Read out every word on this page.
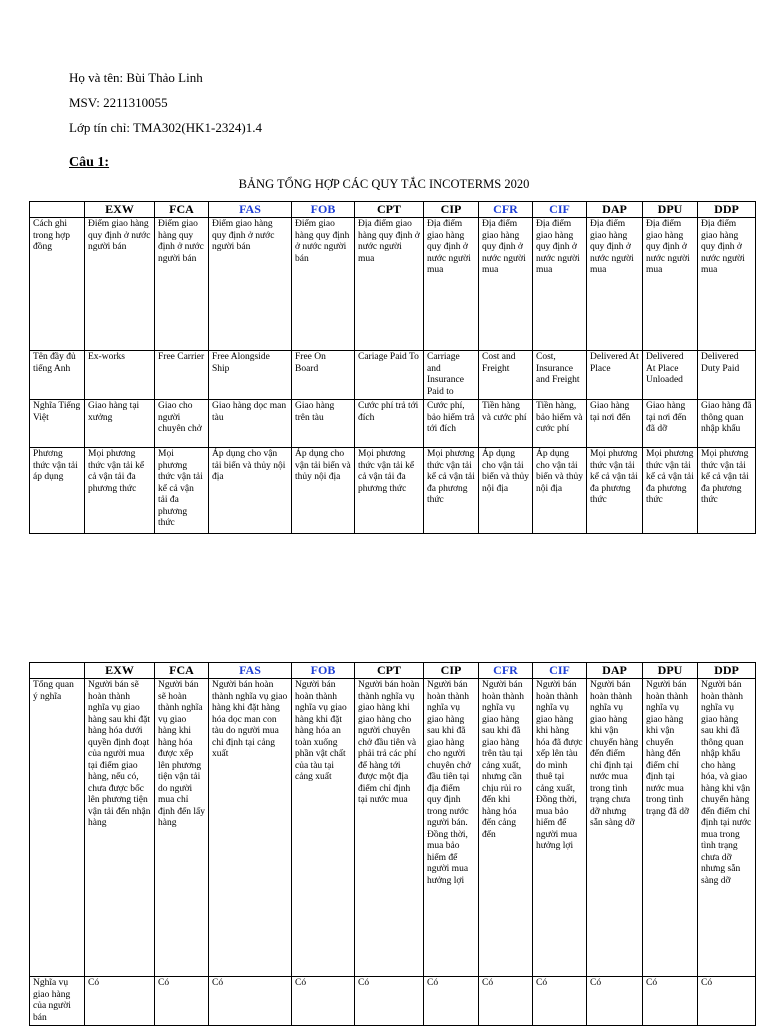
Họ và tên: Bùi Thảo Linh
MSV: 2211310055
Lớp tín chỉ: TMA302(HK1-2324)1.4
Câu 1:
BẢNG TỔNG HỢP CÁC QUY TẮC INCOTERMS 2020
	EXW	FCA	FAS	FOB	CPT	CIP	CFR	CIF	DAP	DPU	DDP
Cách ghi trong hợp đồng	Điểm giao hàng quy định ở nước người bán	Điểm giao hàng quy định ở nước người bán	Điểm giao hàng quy định ở nước người bán	Điểm giao hàng quy định ở nước người bán	Địa điểm giao hàng quy định ở nước người mua	Địa điểm giao hàng quy định ở nước người mua	Địa điểm giao hàng quy định ở nước người mua	Địa điểm giao hàng quy định ở nước người mua	Địa điểm giao hàng quy định ở nước người mua	Địa điểm giao hàng quy định ở nước người mua	Địa điểm giao hàng quy định ở nước người mua
Tên đầy đủ tiếng Anh	Ex-works	Free Carrier	Free Alongside Ship	Free On Board	Cariage Paid To	Carriage and Insurance Paid to	Cost and Freight	Cost, Insurance and Freight	Delivered At Place	Delivered At Place Unloaded	Delivered Duty Paid
Nghĩa Tiếng Việt	Giao hàng tại xưởng	Giao cho người chuyên chở	Giao hàng dọc man tàu	Giao hàng trên tàu	Cước phí trả tới đích	Cước phí, bảo hiểm trả tới đích	Tiền hàng và cước phí	Tiền hàng, bảo hiểm và cước phí	Giao hàng tại nơi đến	Giao hàng tại nơi đến đã dỡ	Giao hàng đã thông quan nhập khẩu
Phương thức vận tải áp dụng	Mọi phương thức vận tải kể cả vận tải đa phương thức	Mọi phương thức vận tải kể cả vận tải đa phương thức	Áp dụng cho vận tải biển và thủy nội địa	Áp dụng cho vận tải biển và thủy nội địa	Mọi phương thức vận tải kể cả vận tải đa phương thức	Mọi phương thức vận tải kể cả vận tải đa phương thức	Áp dụng cho vận tải biển và thủy nội địa	Áp dụng cho vận tải biển và thủy nội địa	Mọi phương thức vận tải kể cả vận tải đa phương thức	Mọi phương thức vận tải kể cả vận tải đa phương thức	Mọi phương thức vận tải kể cả vận tải đa phương thức
	EXW	FCA	FAS	FOB	CPT	CIP	CFR	CIF	DAP	DPU	DDP
Tổng quan ý nghĩa	Người bán sẽ hoàn thành nghĩa vụ giao hàng sau khi đặt hàng hóa dưới quyền định đoạt của người mua tại điểm giao hàng, nếu có, chưa được bốc lên phương tiện vận tải đến nhận hàng	Người bán sẽ hoàn thành nghĩa vụ giao hàng khi hàng hóa được xếp lên phương tiện vận tải do người mua chỉ định đến lấy hàng	Người bán hoàn thành nghĩa vụ giao hàng khi đặt hàng hóa dọc man con tàu do người mua chỉ định tại cảng xuất	Người bán hoàn thành nghĩa vụ giao hàng khi đặt hàng hóa an toàn xuống phần vật chất của tàu tại cảng xuất	Người bán hoàn thành nghĩa vụ giao hàng khi giao hàng cho người chuyên chở đầu tiên và phải trả các phí để hàng tới được một địa điểm chỉ định tại nước mua	Người bán hoàn thành nghĩa vụ giao hàng sau khi đã giao hàng cho người chuyên chở đầu tiên tại địa điểm quy định trong nước người bán. Đồng thời, mua bảo hiểm để người mua hưởng lợi	Người bán hoàn thành nghĩa vụ giao hàng sau khi đã giao hàng trên tàu tại cảng xuất, nhưng cần chịu rủi ro đến khi hàng hóa đến cảng đến	Người bán hoàn thành nghĩa vụ giao hàng khi hàng hóa đã được xếp lên tàu do mình thuê tại cảng xuất, Đồng thời, mua bảo hiểm để người mua hưởng lợi	Người bán hoàn thành nghĩa vụ giao hàng khi vận chuyển hàng đến điểm chỉ định tại nước mua trong tình trạng chưa dỡ nhưng sẵn sàng dỡ	Người bán hoàn thành nghĩa vụ giao hàng khi vận chuyển hàng đến điểm chỉ định tại nước mua trong tình trạng đã dỡ	Người bán hoàn thành nghĩa vụ giao hàng sau khi đã thông quan nhập khẩu cho hàng hóa, và giao hàng khi vận chuyển hàng đến điểm chỉ định tại nước mua trong tình trạng chưa dỡ nhưng sẵn sàng dỡ
Nghĩa vụ giao hàng của người bán	Có	Có	Có	Có	Có	Có	Có	Có	Có	Có	Có
